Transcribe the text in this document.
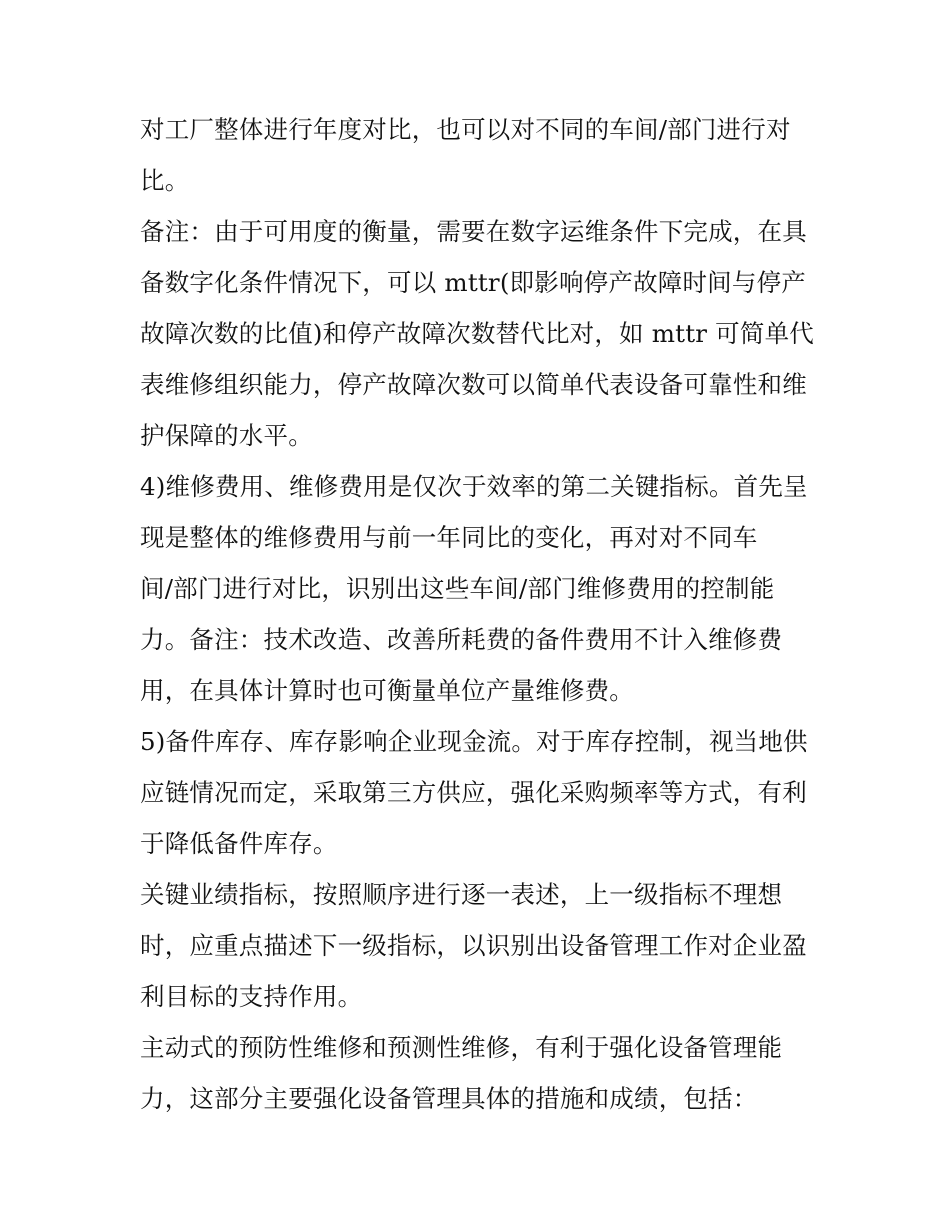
对工厂整体进行年度对比，也可以对不同的车间/部门进行对
比。
备注：由于可用度的衡量，需要在数字运维条件下完成，在具
备数字化条件情况下，可以 mttr(即影响停产故障时间与停产
故障次数的比值)和停产故障次数替代比对，如 mttr 可简单代
表维修组织能力，停产故障次数可以简单代表设备可靠性和维
护保障的水平。
4)维修费用、维修费用是仅次于效率的第二关键指标。首先呈
现是整体的维修费用与前一年同比的变化，再对对不同车
间/部门进行对比，识别出这些车间/部门维修费用的控制能
力。备注：技术改造、改善所耗费的备件费用不计入维修费
用，在具体计算时也可衡量单位产量维修费。
5)备件库存、库存影响企业现金流。对于库存控制，视当地供
应链情况而定，采取第三方供应，强化采购频率等方式，有利
于降低备件库存。
关键业绩指标，按照顺序进行逐一表述，上一级指标不理想
时，应重点描述下一级指标，以识别出设备管理工作对企业盈
利目标的支持作用。
主动式的预防性维修和预测性维修，有利于强化设备管理能
力，这部分主要强化设备管理具体的措施和成绩，包括：
